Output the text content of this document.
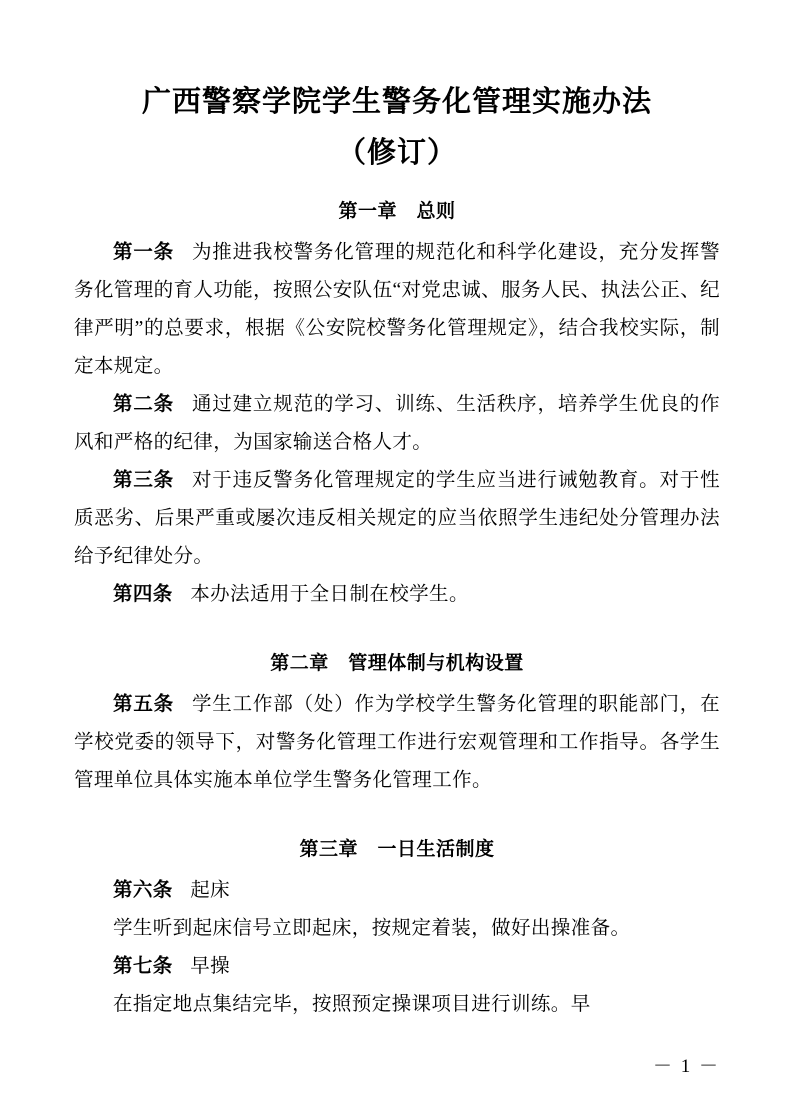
广西警察学院学生警务化管理实施办法
（修订）
第一章　总则

第一条 为推进我校警务化管理的规范化和科学化建设，充分发挥警务化管理的育人功能，按照公安队伍“对党忠诚、服务人民、执法公正、纪律严明”的总要求，根据《公安院校警务化管理规定》，结合我校实际，制定本规定。

第二条 通过建立规范的学习、训练、生活秩序，培养学生优良的作风和严格的纪律，为国家输送合格人才。

第三条 对于违反警务化管理规定的学生应当进行诫勉教育。对于性质恶劣、后果严重或屡次违反相关规定的应当依照学生违纪处分管理办法给予纪律处分。

第四条 本办法适用于全日制在校学生。

第二章　管理体制与机构设置

第五条 学生工作部（处）作为学校学生警务化管理的职能部门，在学校党委的领导下，对警务化管理工作进行宏观管理和工作指导。各学生管理单位具体实施本单位学生警务化管理工作。

第三章　一日生活制度

第六条 起床

学生听到起床信号立即起床，按规定着装，做好出操准备。

第七条 早操

在指定地点集结完毕，按照预定操课项目进行训练。早

－ 1 －
